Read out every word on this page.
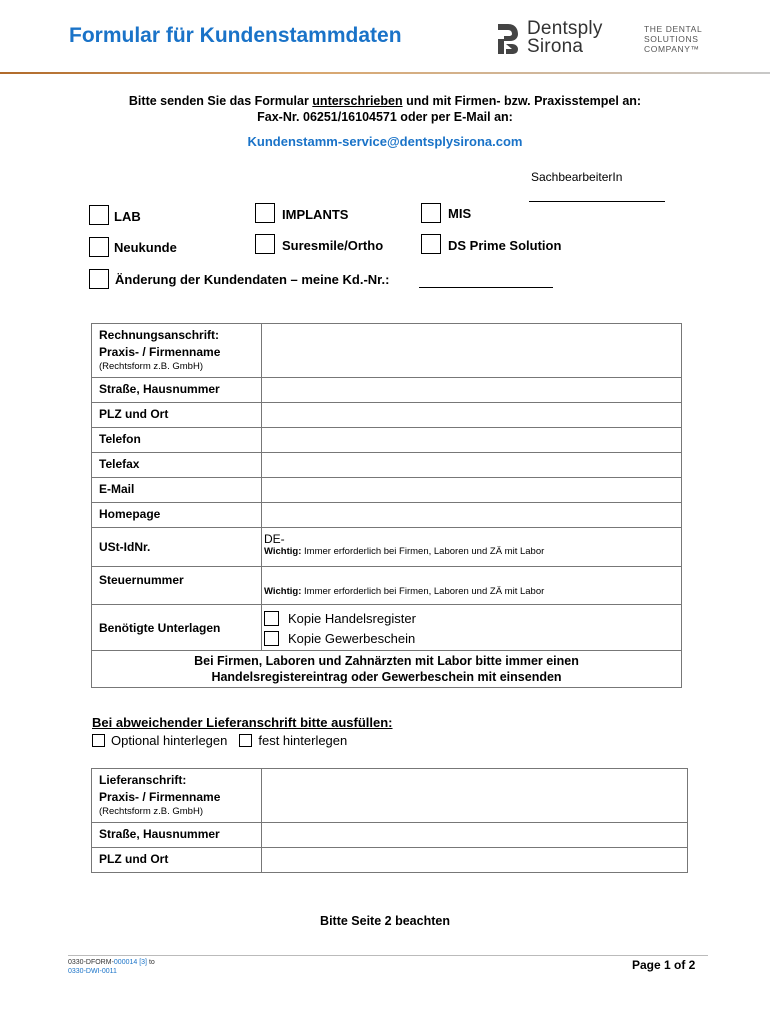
Formular für Kundenstammdaten	Dentsply
Sirona
THE DENTAL
SOLUTIONS
COMPANY™
Bitte senden Sie das Formular unterschrieben und mit Firmen- bzw. Praxisstempel an:
Fax-Nr. 06251/16104571 oder per E-Mail an:
Kundenstamm-service@dentsplysirona.com
SachbearbeiterIn
LAB	IMPLANTS	MIS
Neukunde	Suresmile/Ortho	DS Prime Solution
Änderung der Kundendaten – meine Kd.-Nr.:
Rechnungsanschrift:
Praxis- / Firmenname
(Rechtsform z.B. GmbH)	

Straße, Hausnummer	
PLZ und Ort	
Telefon	
Telefax	
E-Mail	
Homepage	
USt-IdNr.	DE-
Wichtig: Immer erforderlich bei Firmen, Laboren und ZÄ mit Labor

Steuernummer	Wichtig: Immer erforderlich bei Firmen, Laboren und ZÄ mit Labor

Benötigte Unterlagen	Kopie Handelsregister
Kopie Gewerbeschein

Bei Firmen, Laboren und Zahnärzten mit Labor bitte immer einen
Handelsregistereintrag oder Gewerbeschein mit einsenden	
Bei abweichender Lieferanschrift bitte ausfüllen:
Optional hinterlegen fest hinterlegen
Lieferanschrift:
Praxis- / Firmenname
(Rechtsform z.B. GmbH)	

Straße, Hausnummer	
PLZ und Ort	
Bitte Seite 2 beachten
0330-DFORM-000014 [3] to
0330-DWI-0011	Page 1 of 2
